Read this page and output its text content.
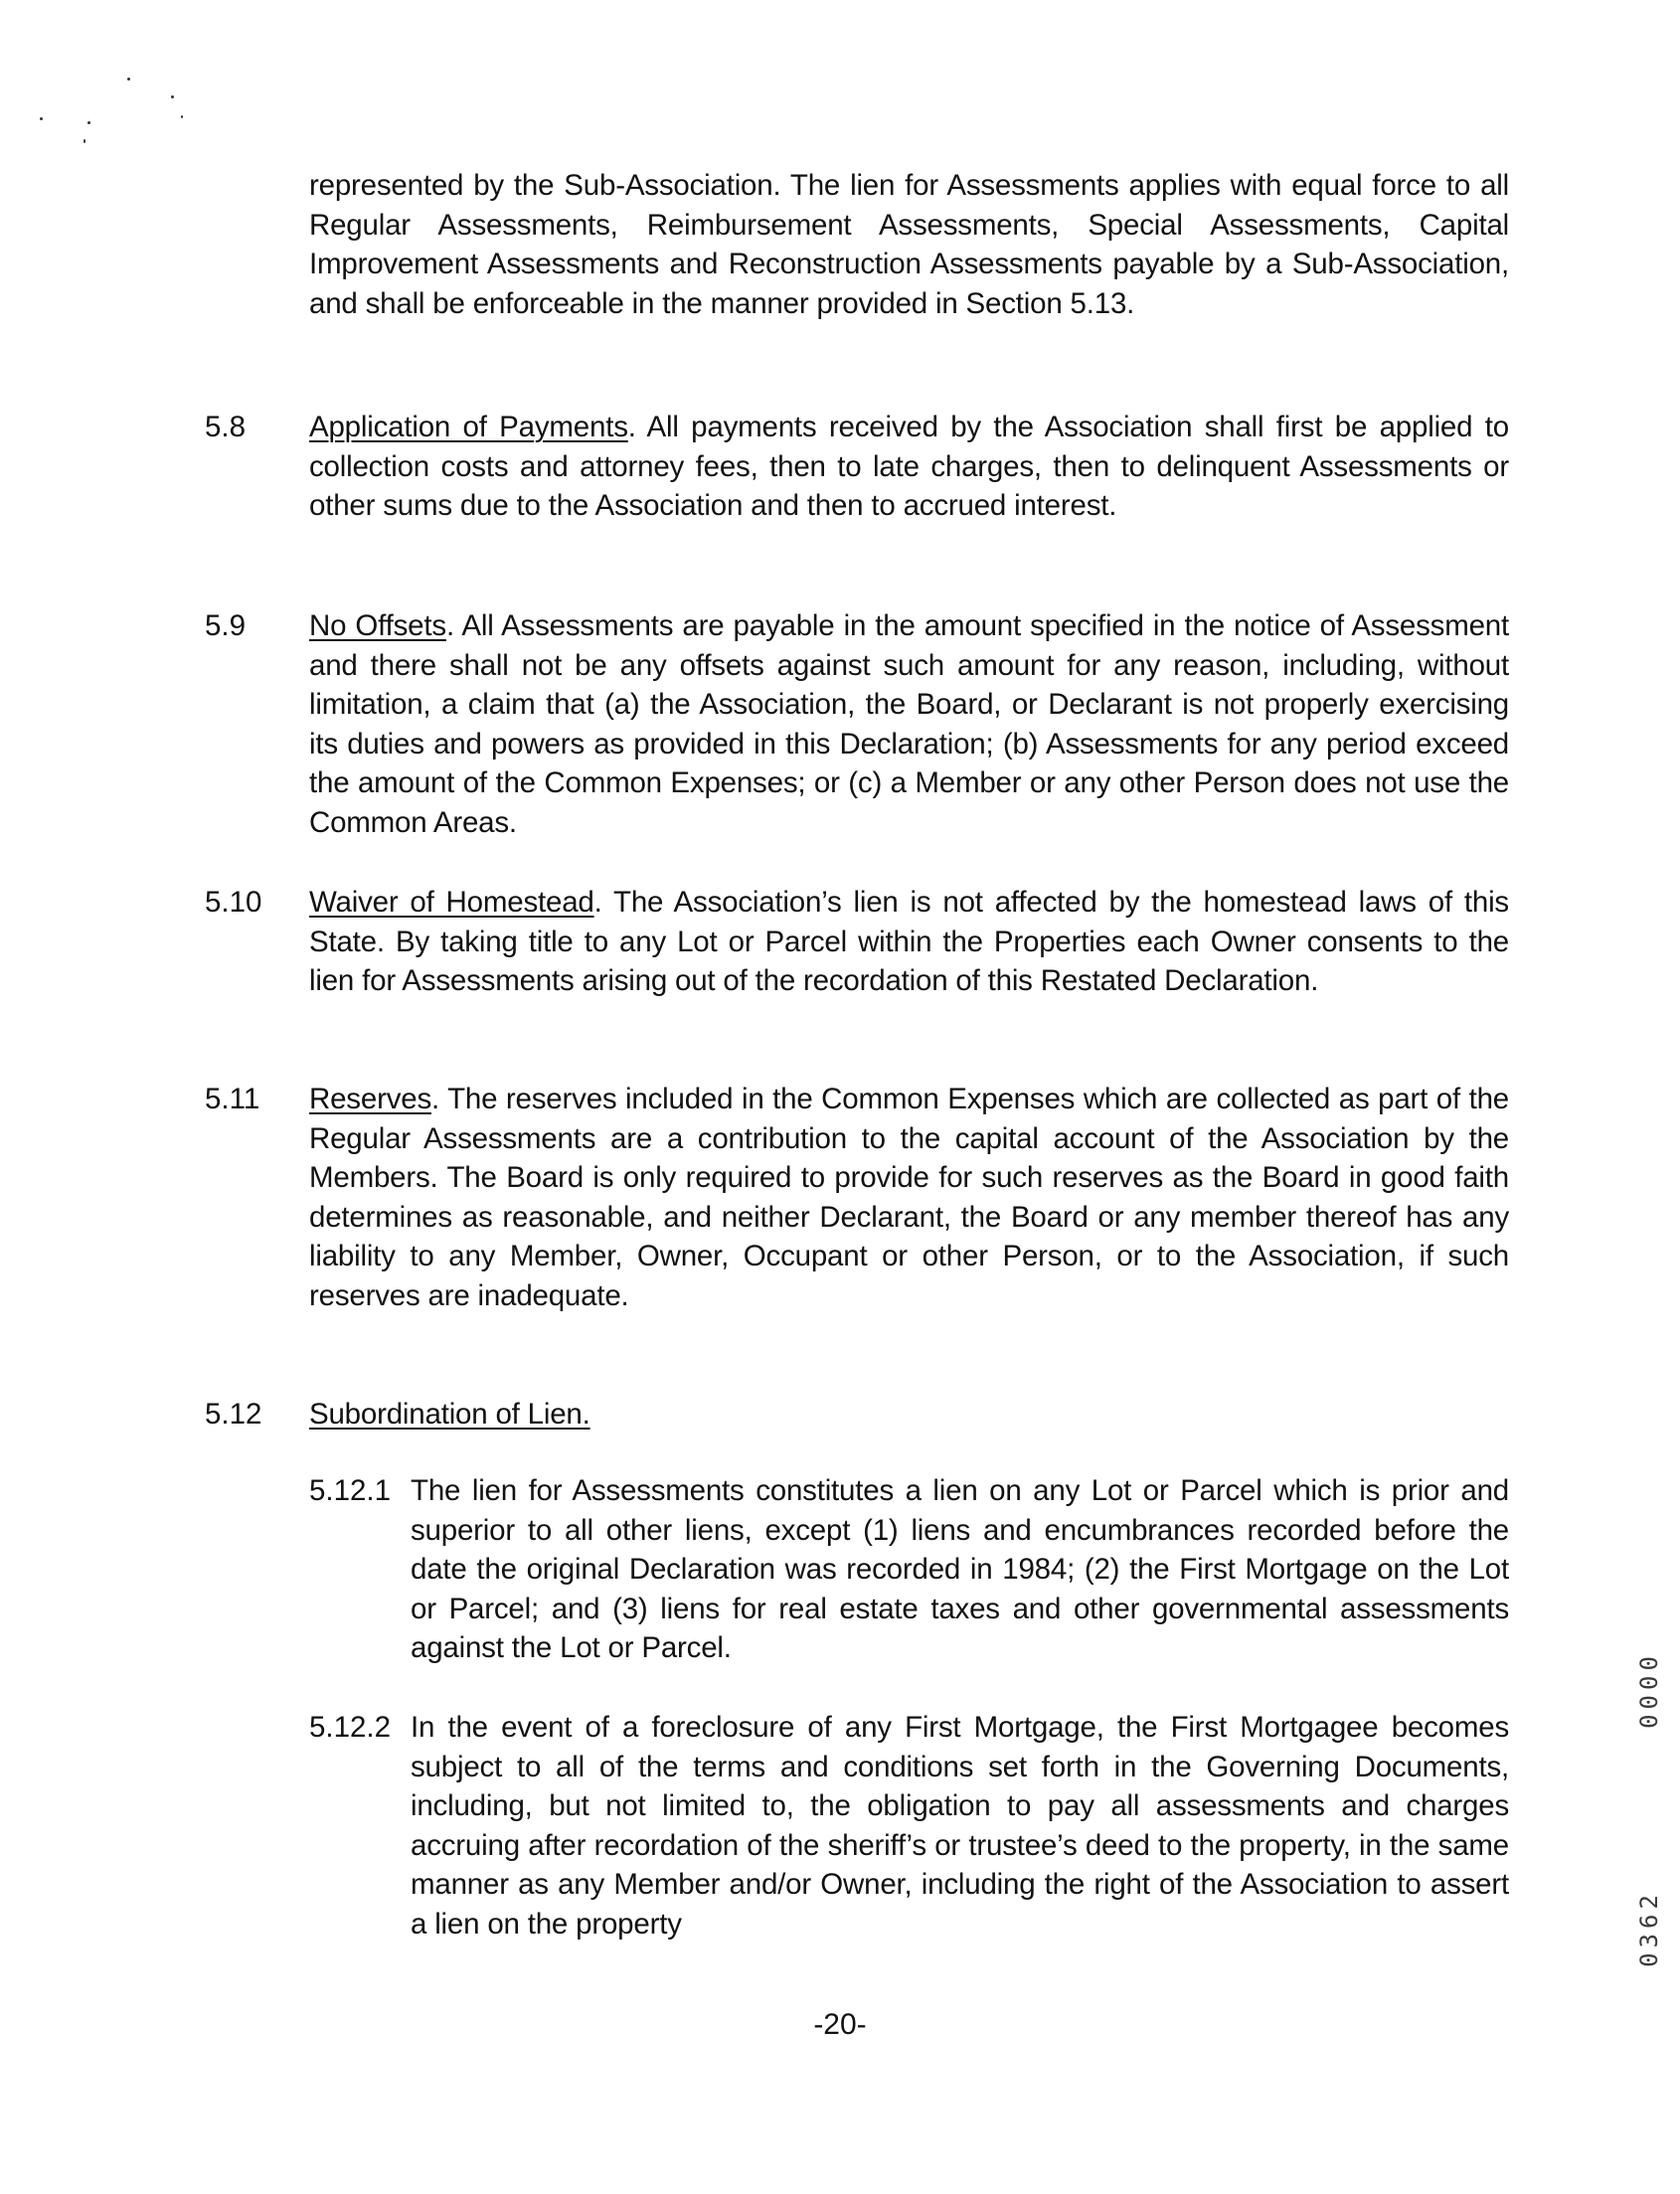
represented by the Sub-Association. The lien for Assessments applies with equal force to all Regular Assessments, Reimbursement Assessments, Special Assessments, Capital Improvement Assessments and Reconstruction Assessments payable by a Sub-Association, and shall be enforceable in the manner provided in Section 5.13.
5.8 Application of Payments. All payments received by the Association shall first be applied to collection costs and attorney fees, then to late charges, then to delinquent Assessments or other sums due to the Association and then to accrued interest.
5.9 No Offsets. All Assessments are payable in the amount specified in the notice of Assessment and there shall not be any offsets against such amount for any reason, including, without limitation, a claim that (a) the Association, the Board, or Declarant is not properly exercising its duties and powers as provided in this Declaration; (b) Assessments for any period exceed the amount of the Common Expenses; or (c) a Member or any other Person does not use the Common Areas.
5.10 Waiver of Homestead. The Association’s lien is not affected by the homestead laws of this State. By taking title to any Lot or Parcel within the Properties each Owner consents to the lien for Assessments arising out of the recordation of this Restated Declaration.
5.11 Reserves. The reserves included in the Common Expenses which are collected as part of the Regular Assessments are a contribution to the capital account of the Association by the Members. The Board is only required to provide for such reserves as the Board in good faith determines as reasonable, and neither Declarant, the Board or any member thereof has any liability to any Member, Owner, Occupant or other Person, or to the Association, if such reserves are inadequate.
5.12 Subordination of Lien.
5.12.1 The lien for Assessments constitutes a lien on any Lot or Parcel which is prior and superior to all other liens, except (1) liens and encumbrances recorded before the date the original Declaration was recorded in 1984; (2) the First Mortgage on the Lot or Parcel; and (3) liens for real estate taxes and other governmental assessments against the Lot or Parcel.
5.12.2 In the event of a foreclosure of any First Mortgage, the First Mortgagee becomes subject to all of the terms and conditions set forth in the Governing Documents, including, but not limited to, the obligation to pay all assessments and charges accruing after recordation of the sheriff’s or trustee’s deed to the property, in the same manner as any Member and/or Owner, including the right of the Association to assert a lien on the property
-20-
0000
0362
